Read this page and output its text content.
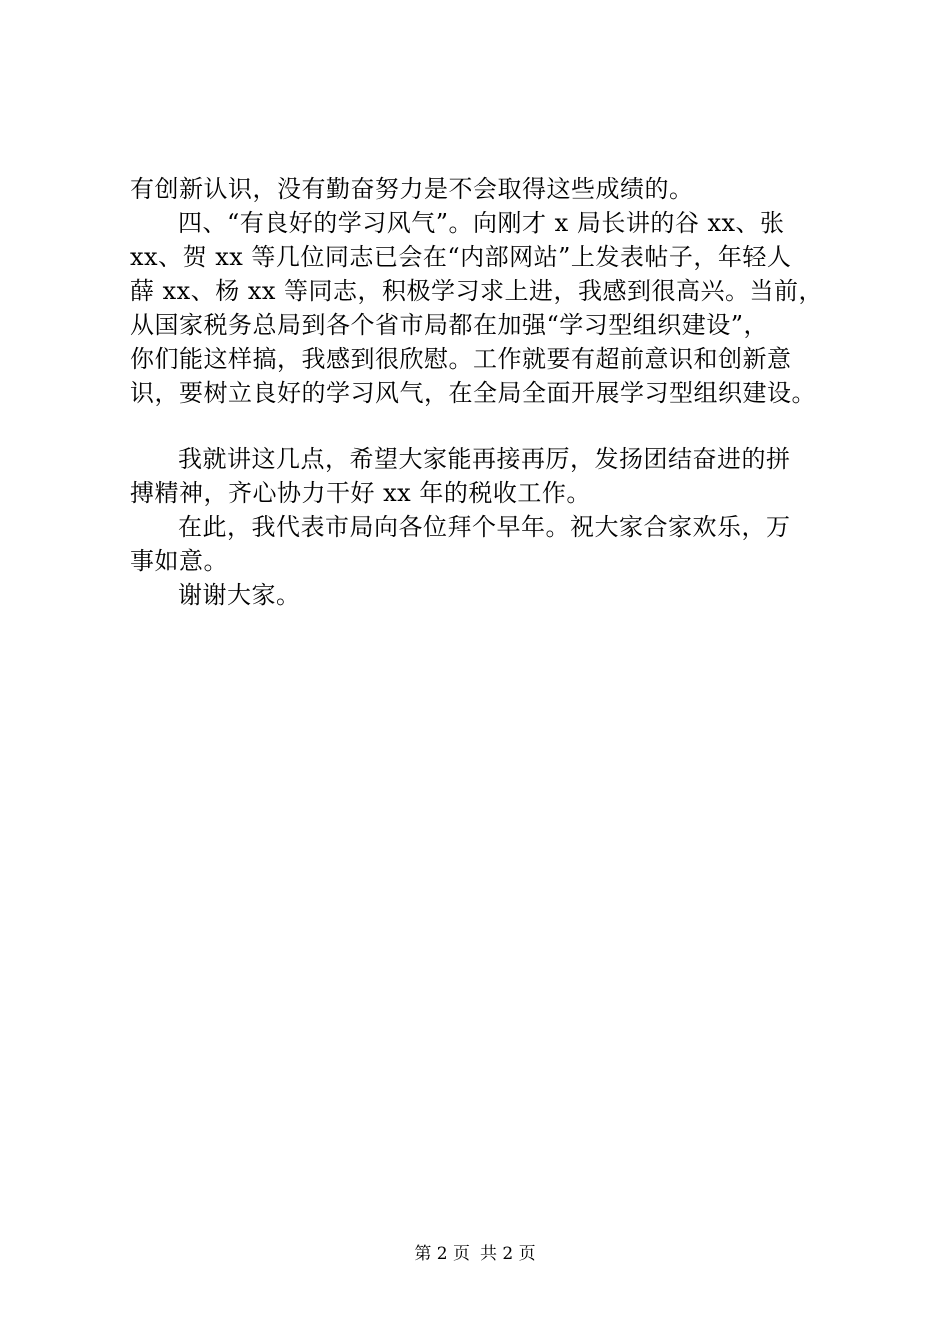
有创新认识，没有勤奋努力是不会取得这些成绩的。
四、“有良好的学习风气”。向刚才 x 局长讲的谷 xx、张
xx、贺 xx 等几位同志已会在“内部网站”上发表帖子，年轻人
薛 xx、杨 xx 等同志，积极学习求上进，我感到很高兴。当前，
从国家税务总局到各个省市局都在加强“学习型组织建设”，
你们能这样搞，我感到很欣慰。工作就要有超前意识和创新意
识，要树立良好的学习风气，在全局全面开展学习型组织建设。
我就讲这几点，希望大家能再接再厉，发扬团结奋进的拼
搏精神，齐心协力干好 xx 年的税收工作。
在此，我代表市局向各位拜个早年。祝大家合家欢乐，万
事如意。
谢谢大家。
第 2 页 共 2 页
